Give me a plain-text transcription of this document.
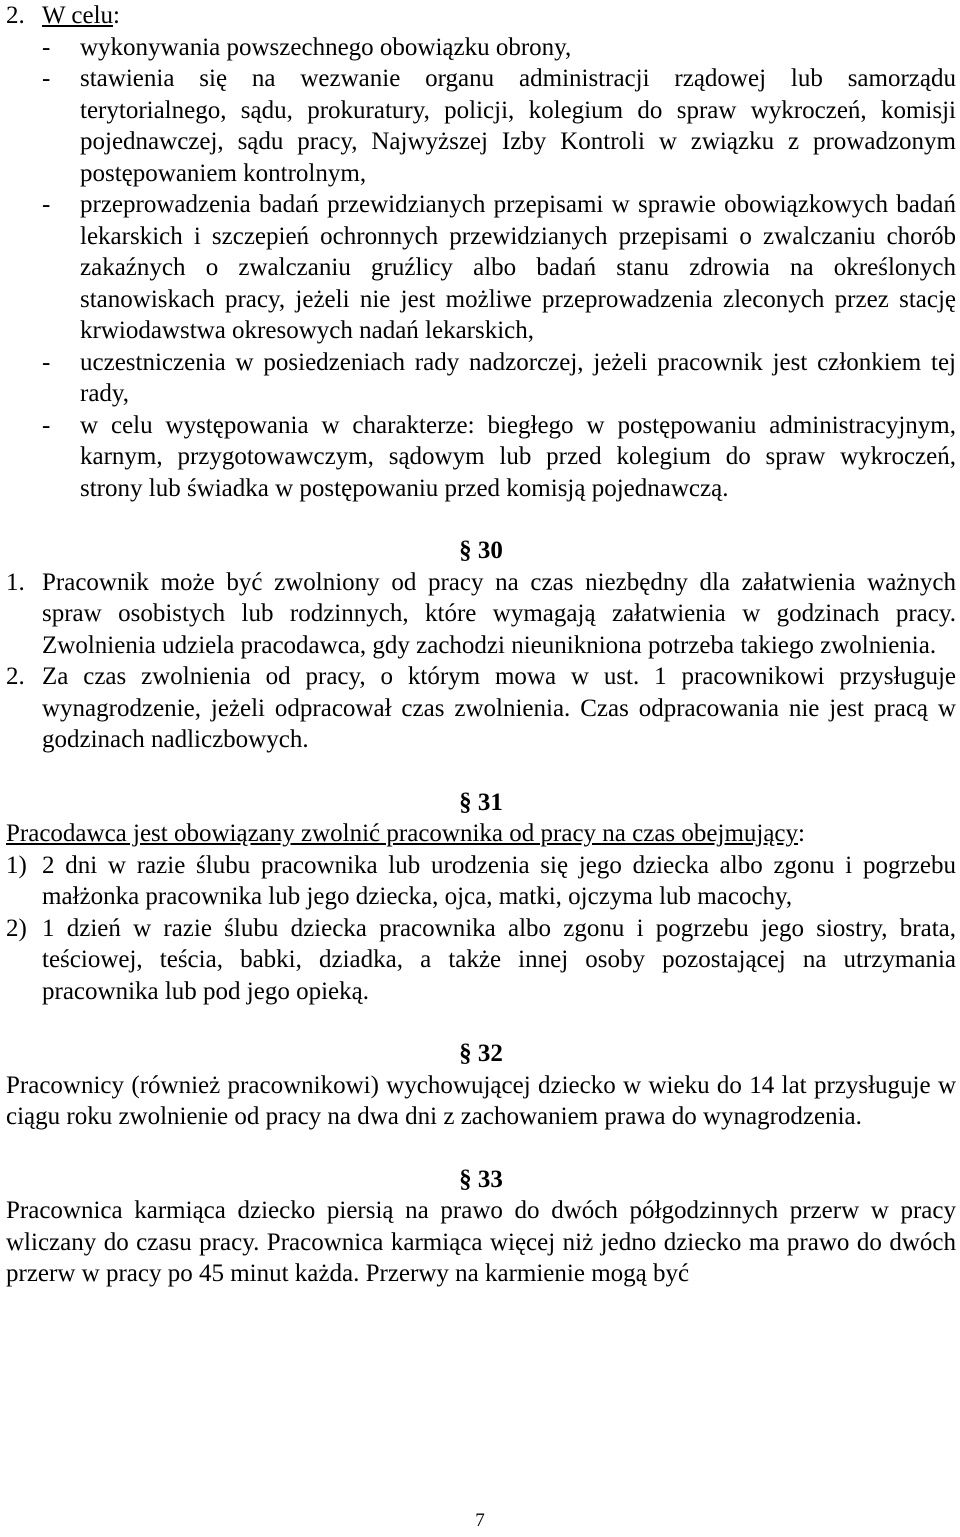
2. W celu:
- wykonywania powszechnego obowiązku obrony,
- stawienia się na wezwanie organu administracji rządowej lub samorządu terytorialnego, sądu, prokuratury, policji, kolegium do spraw wykroczeń, komisji pojednawczej, sądu pracy, Najwyższej Izby Kontroli w związku z prowadzonym postępowaniem kontrolnym,
- przeprowadzenia badań przewidzianych przepisami w sprawie obowiązkowych badań lekarskich i szczepień ochronnych przewidzianych przepisami o zwalczaniu chorób zakaźnych o zwalczaniu gruźlicy albo badań stanu zdrowia na określonych stanowiskach pracy, jeżeli nie jest możliwe przeprowadzenia zleconych przez stację krwiodawstwa okresowych nadań lekarskich,
- uczestniczenia w posiedzeniach rady nadzorczej, jeżeli pracownik jest członkiem tej rady,
- w celu występowania w charakterze: biegłego w postępowaniu administracyjnym, karnym, przygotowawczym, sądowym lub przed kolegium do spraw wykroczeń, strony lub świadka w postępowaniu przed komisją pojednawczą.
§ 30
1. Pracownik może być zwolniony od pracy na czas niezbędny dla załatwienia ważnych spraw osobistych lub rodzinnych, które wymagają załatwienia w godzinach pracy. Zwolnienia udziela pracodawca, gdy zachodzi nieunikniona potrzeba takiego zwolnienia.
2. Za czas zwolnienia od pracy, o którym mowa w ust. 1 pracownikowi przysługuje wynagrodzenie, jeżeli odpracował czas zwolnienia. Czas odpracowania nie jest pracą w godzinach nadliczbowych.
§ 31
Pracodawca jest obowiązany zwolnić pracownika od pracy na czas obejmujący:
1) 2 dni w razie ślubu pracownika lub urodzenia się jego dziecka albo zgonu i pogrzebu małżonka pracownika lub jego dziecka, ojca, matki, ojczyma lub macochy,
2) 1 dzień w razie ślubu dziecka pracownika albo zgonu i pogrzebu jego siostry, brata, teściowej, teścia, babki, dziadka, a także innej osoby pozostającej na utrzymania pracownika lub pod jego opieką.
§ 32
Pracownicy (również pracownikowi) wychowującej dziecko w wieku do 14 lat przysługuje w ciągu roku zwolnienie od pracy na dwa dni z zachowaniem prawa do wynagrodzenia.
§ 33
Pracownica karmiąca dziecko piersią na prawo do dwóch półgodzinnych przerw w pracy wliczany do czasu pracy. Pracownica karmiąca więcej niż jedno dziecko ma prawo do dwóch przerw w pracy po 45 minut każda. Przerwy na karmienie mogą być
7
